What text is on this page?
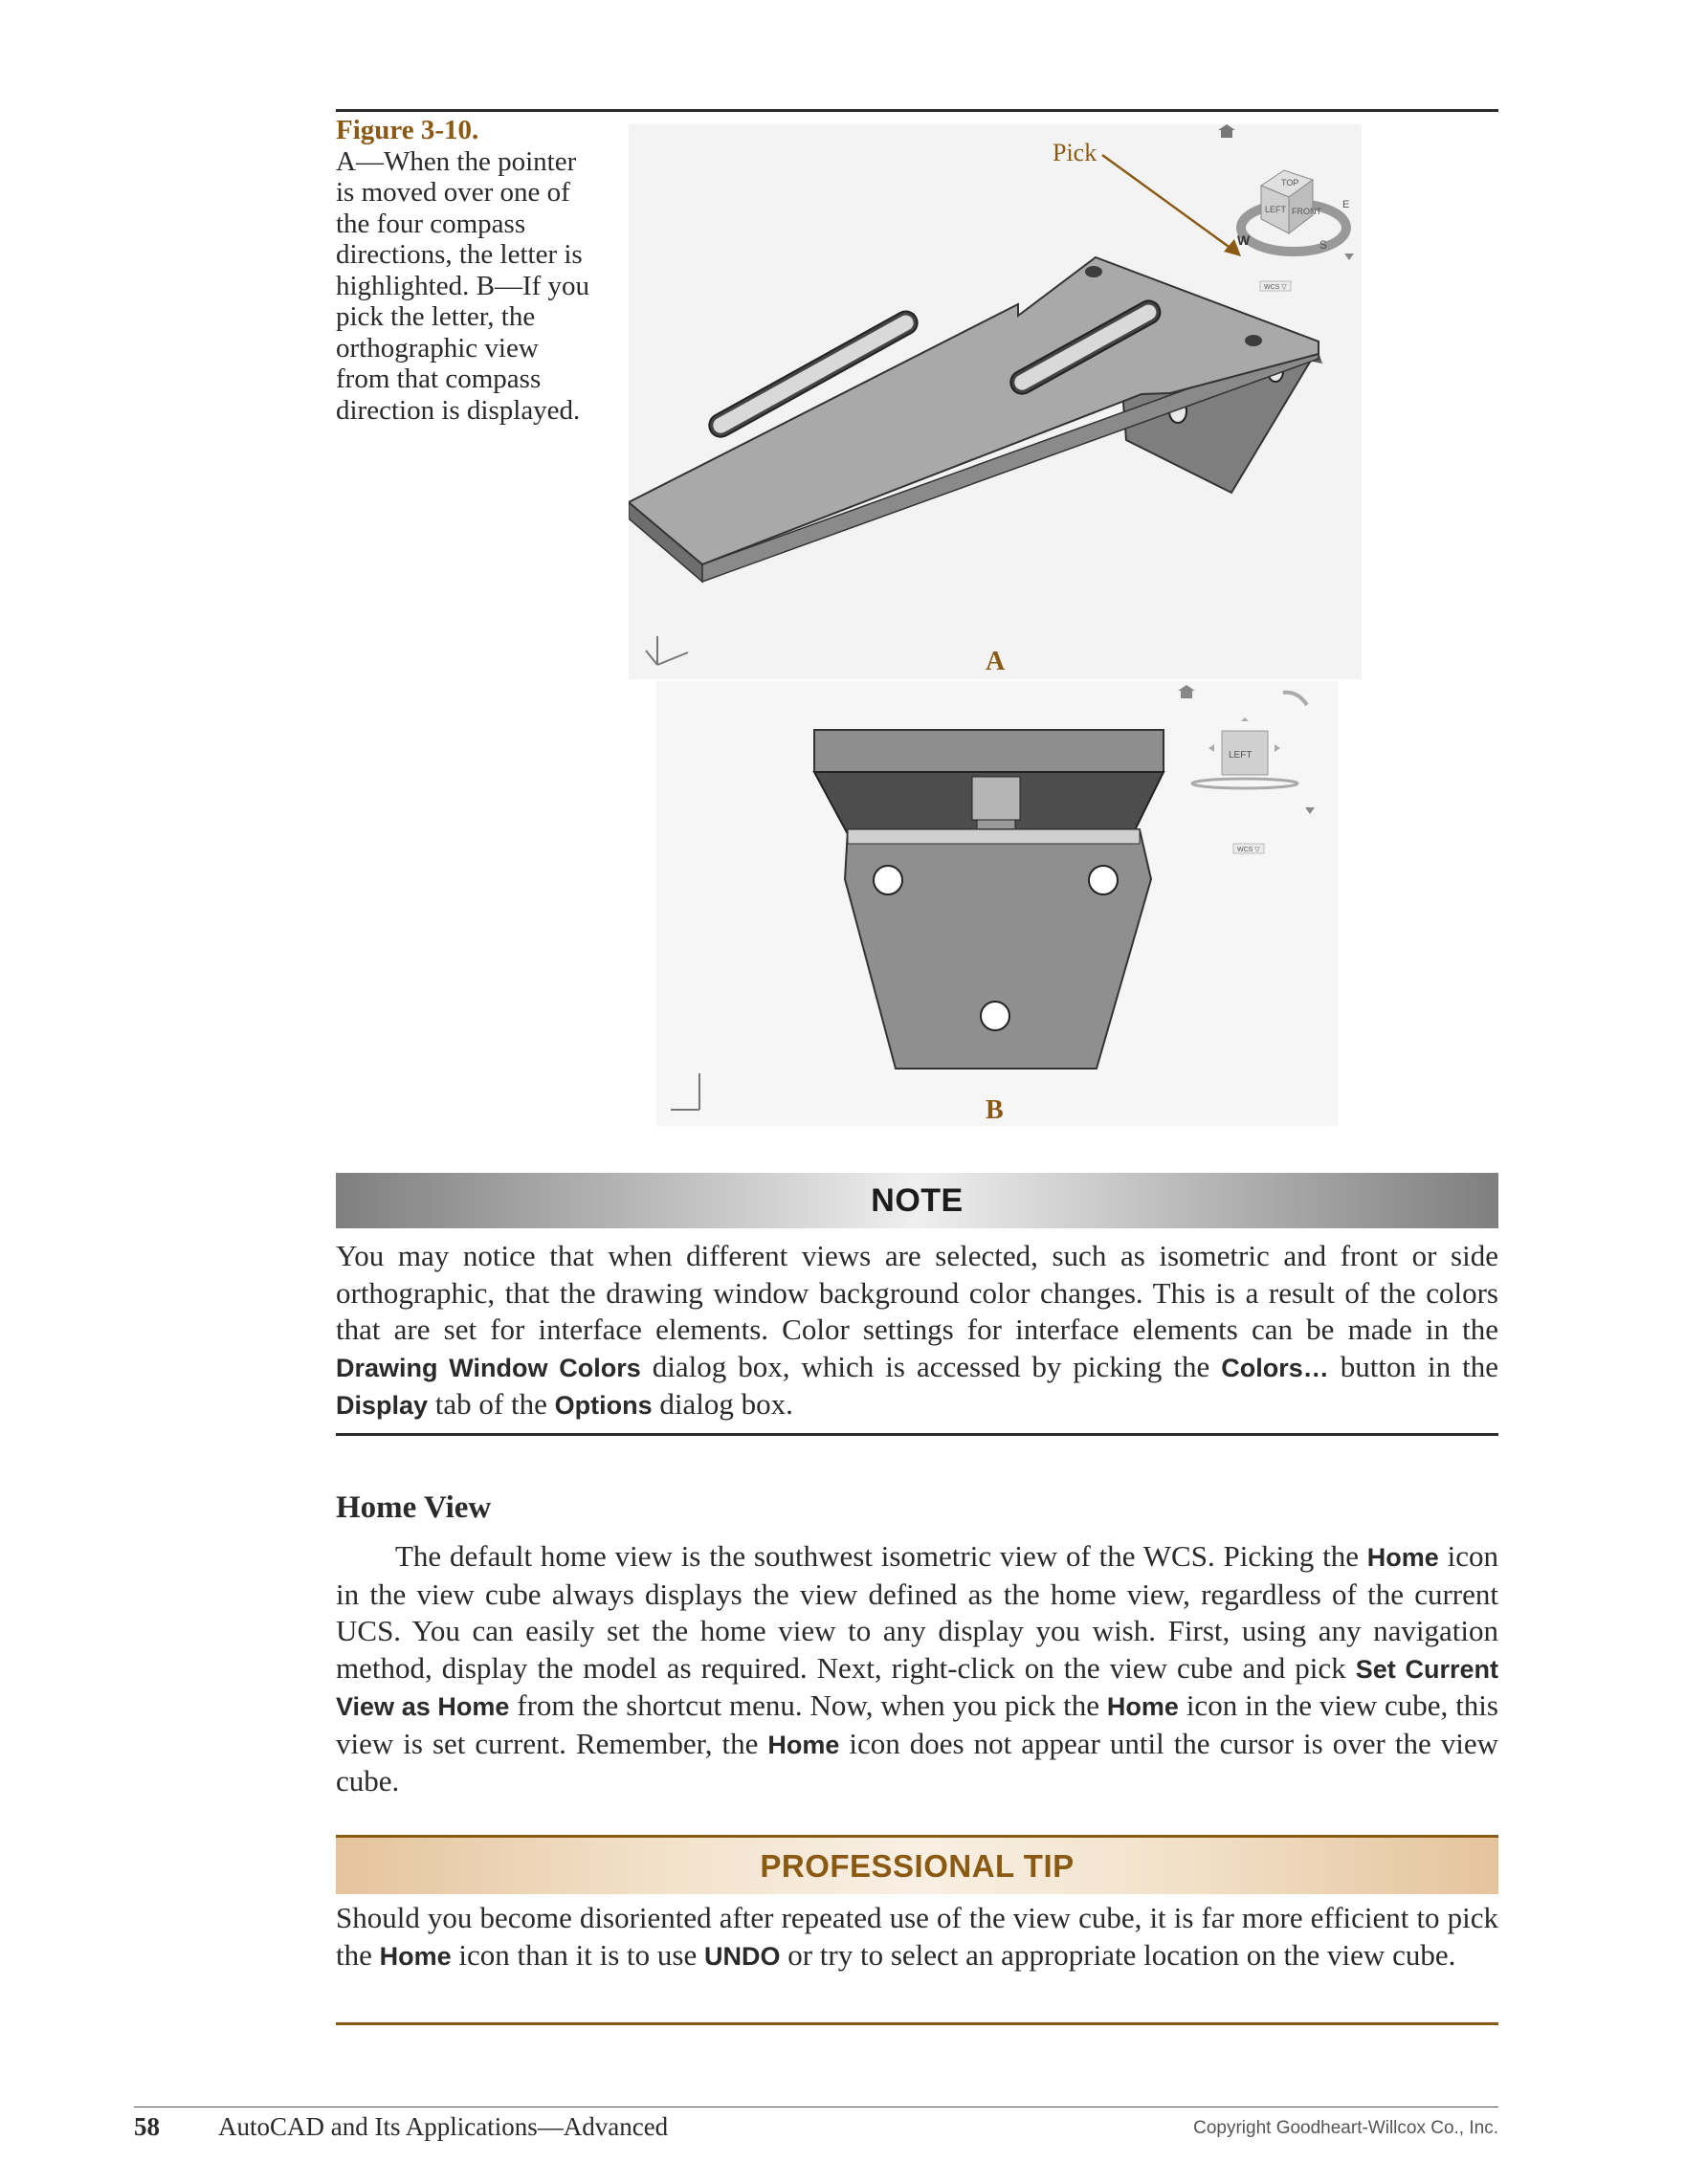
Figure 3-10.
A—When the pointer is moved over one of the four compass directions, the letter is highlighted. B—If you pick the letter, the orthographic view from that compass direction is displayed.
TOP
LEFT FRONT
W	S
E
WCS ▽
Pick
A
LEFT
WCS ▽
B
NOTE

You may notice that when different views are selected, such as isometric and front or side orthographic, that the drawing window background color changes. This is a result of the colors that are set for interface elements. Color settings for interface elements can be made in the Drawing Window Colors dialog box, which is accessed by picking the Colors… button in the Display tab of the Options dialog box.

Home View

The default home view is the southwest isometric view of the WCS. Picking the Home icon in the view cube always displays the view defined as the home view, regardless of the current UCS. You can easily set the home view to any display you wish. First, using any navigation method, display the model as required. Next, right-click on the view cube and pick Set Current View as Home from the shortcut menu. Now, when you pick the Home icon in the view cube, this view is set current. Remember, the Home icon does not appear until the cursor is over the view cube.

PROFESSIONAL TIP

Should you become disoriented after repeated use of the view cube, it is far more efficient to pick the Home icon than it is to use UNDO or try to select an appropriate location on the view cube.

58 AutoCAD and Its Applications—Advanced	Copyright Goodheart-Willcox Co., Inc.
